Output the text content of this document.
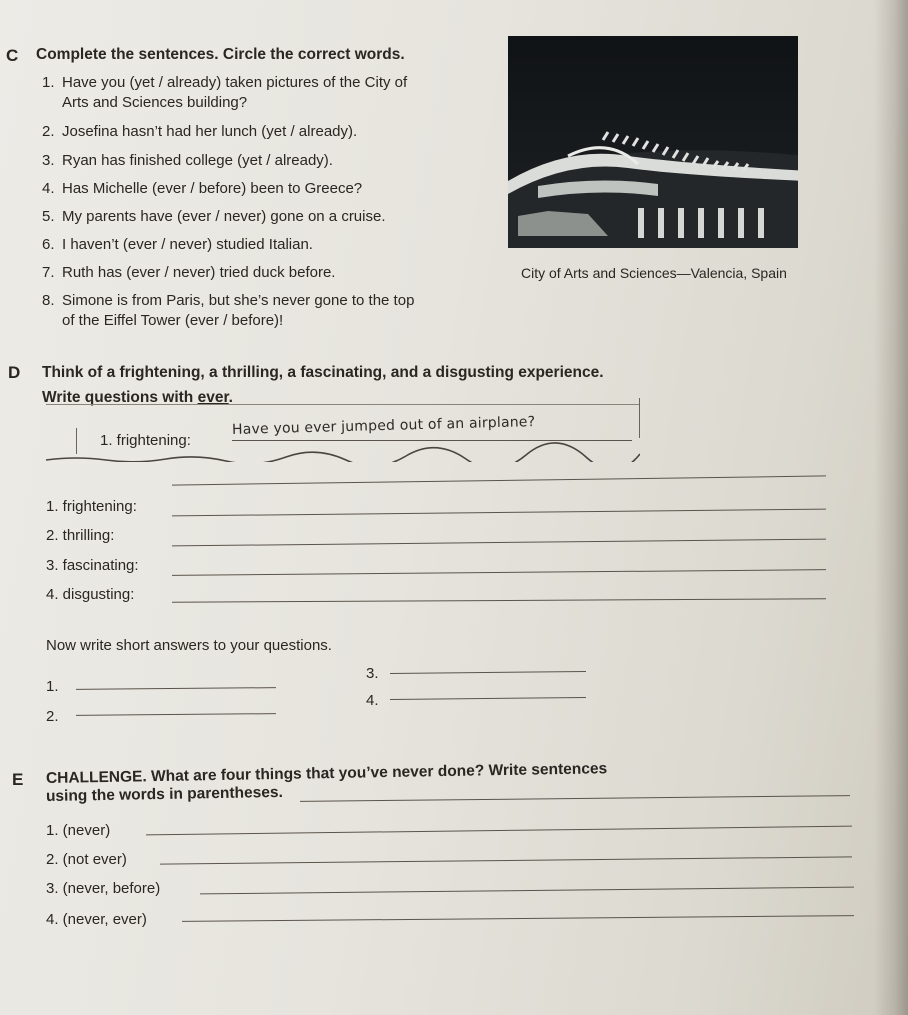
C Complete the sentences. Circle the correct words.
1. Have you (yet / already) taken pictures of the City of
Arts and Sciences building?
2. Josefina hasn’t had her lunch (yet / already).
3. Ryan has finished college (yet / already).
4. Has Michelle (ever / before) been to Greece?
5. My parents have (ever / never) gone on a cruise.
6. I haven’t (ever / never) studied Italian.
7. Ruth has (ever / never) tried duck before.
8. Simone is from Paris, but she’s never gone to the top
of the Eiffel Tower (ever / before)!
City of Arts and Sciences—Valencia, Spain
D Think of a frightening, a thrilling, a fascinating, and a disgusting experience.
Write questions with ever.
1. frightening:
Have you ever jumped out of an airplane?
1. frightening:
2. thrilling:
3. fascinating:
4. disgusting:
Now write short answers to your questions.
1.
2.
3.
4.
E CHALLENGE. What are four things that you’ve never done? Write sentences
using the words in parentheses.
1. (never)
2. (not ever)
3. (never, before)
4. (never, ever)
